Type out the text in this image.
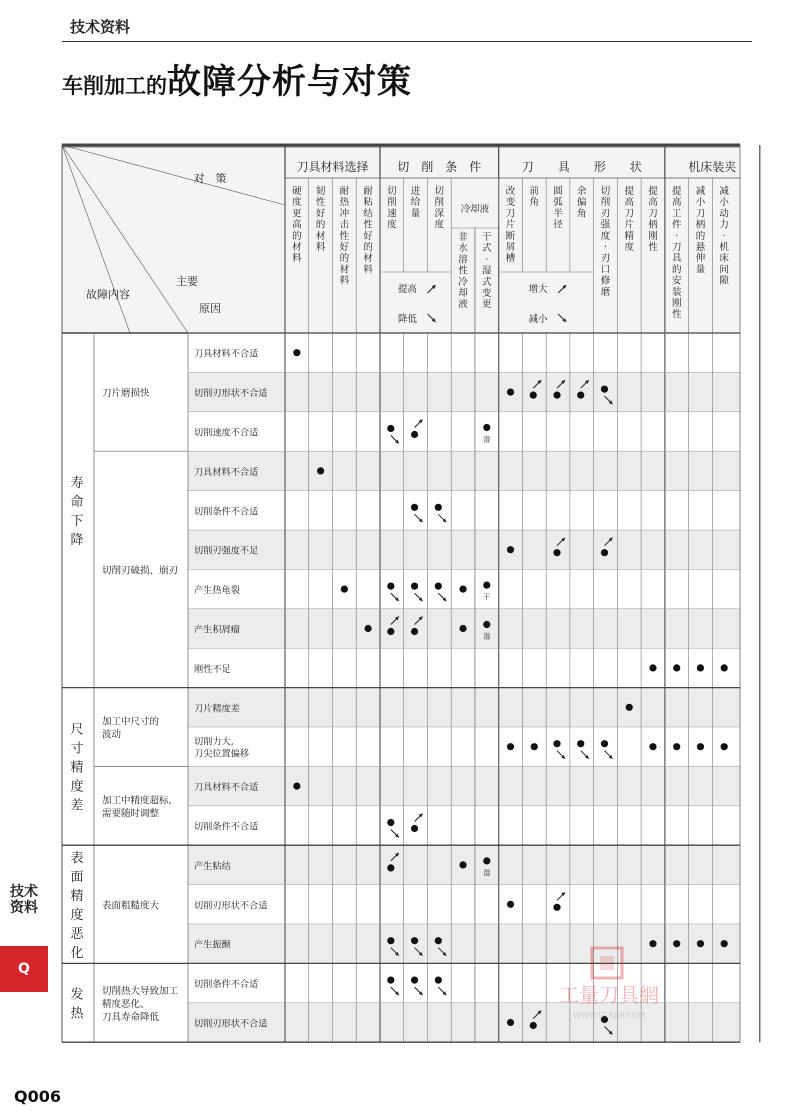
技术资料
车削加工的故障分析与对策
刀具材料选择 切　削　条　件	刀　　具　　形　　状	机床装夹
硬
度
更
高
的
材
料
韧
性
好
的
材
料
耐
热
冲
击
性
好
的
材
料
耐
粘
结
性
好
的
材
料
切
削
速
度
进
给
量
切
削
深
度
非
水
溶
性
冷
却
液
干
式
·
湿
式
变
更
改
变
刀
片
断
屑
槽
前
角
圆
弧
半
径
余
偏
角
切
削
刃
强
度
·
刃
口
修
磨
提
高
刀
片
精
度
提
高
刀
柄
刚
性
提
高
工
件
·
刀
具
的
安
装
刚
性
减
小
刀
柄
的
悬
伸
量
减
小
动
力
·
机
床
间
隙
冷却液
提高
降低
增大
减小
对　策
主要
原因
故障内容
刀具材料不合适
切削刃形状不合适
切削速度不合适
刀具材料不合适
切削条件不合适
切削刃强度不足
产生热龟裂
产生积屑瘤
刚性不足
刀片精度差
切削力大,
刀尖位置偏移
刀具材料不合适
切削条件不合适
产生粘结
切削刃形状不合适
产生振颤
切削条件不合适
切削刃形状不合适
刀片磨损快
切削刃破损、崩刃
加工中尺寸的
波动
加工中精度超标,
需要随时调整
表面粗糙度大
切削热大导致加工
精度恶化、
刀具寿命降低
寿
命
下
降
尺
寸
精
度
差
表
面
精
度
恶
化
发
热
湿
干
湿
湿
技术
资料
Q
Q006
工量刀具網
WWW.GLRJW.COM
